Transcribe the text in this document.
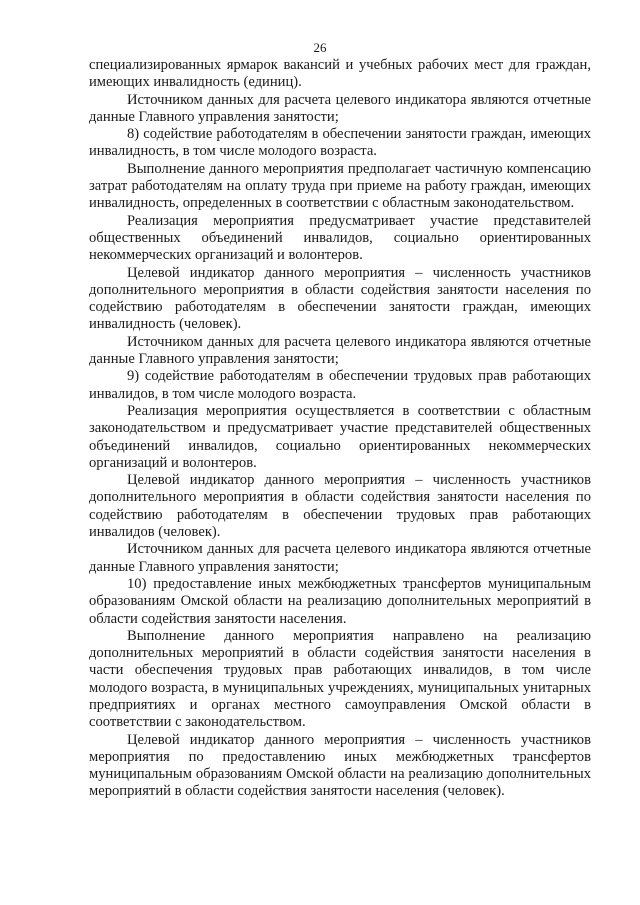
26

специализированных ярмарок вакансий и учебных рабочих мест для граждан, имеющих инвалидность (единиц).

Источником данных для расчета целевого индикатора являются отчетные данные Главного управления занятости;

8) содействие работодателям в обеспечении занятости граждан, имеющих инвалидность, в том числе молодого возраста.

Выполнение данного мероприятия предполагает частичную компенсацию затрат работодателям на оплату труда при приеме на работу граждан, имеющих инвалидность, определенных в соответствии с областным законодательством.

Реализация мероприятия предусматривает участие представителей общественных объединений инвалидов, социально ориентированных некоммерческих организаций и волонтеров.

Целевой индикатор данного мероприятия – численность участников дополнительного мероприятия в области содействия занятости населения по содействию работодателям в обеспечении занятости граждан, имеющих инвалидность (человек).

Источником данных для расчета целевого индикатора являются отчетные данные Главного управления занятости;

9) содействие работодателям в обеспечении трудовых прав работающих инвалидов, в том числе молодого возраста.

Реализация мероприятия осуществляется в соответствии с областным законодательством и предусматривает участие представителей общественных объединений инвалидов, социально ориентированных некоммерческих организаций и волонтеров.

Целевой индикатор данного мероприятия – численность участников дополнительного мероприятия в области содействия занятости населения по содействию работодателям в обеспечении трудовых прав работающих инвалидов (человек).

Источником данных для расчета целевого индикатора являются отчетные данные Главного управления занятости;

10) предоставление иных межбюджетных трансфертов муниципальным образованиям Омской области на реализацию дополнительных мероприятий в области содействия занятости населения.

Выполнение данного мероприятия направлено на реализацию дополнительных мероприятий в области содействия занятости населения в части обеспечения трудовых прав работающих инвалидов, в том числе молодого возраста, в муниципальных учреждениях, муниципальных унитарных предприятиях и органах местного самоуправления Омской области в соответствии с законодательством.

Целевой индикатор данного мероприятия – численность участников мероприятия по предоставлению иных межбюджетных трансфертов муниципальным образованиям Омской области на реализацию дополнительных мероприятий в области содействия занятости населения (человек).
